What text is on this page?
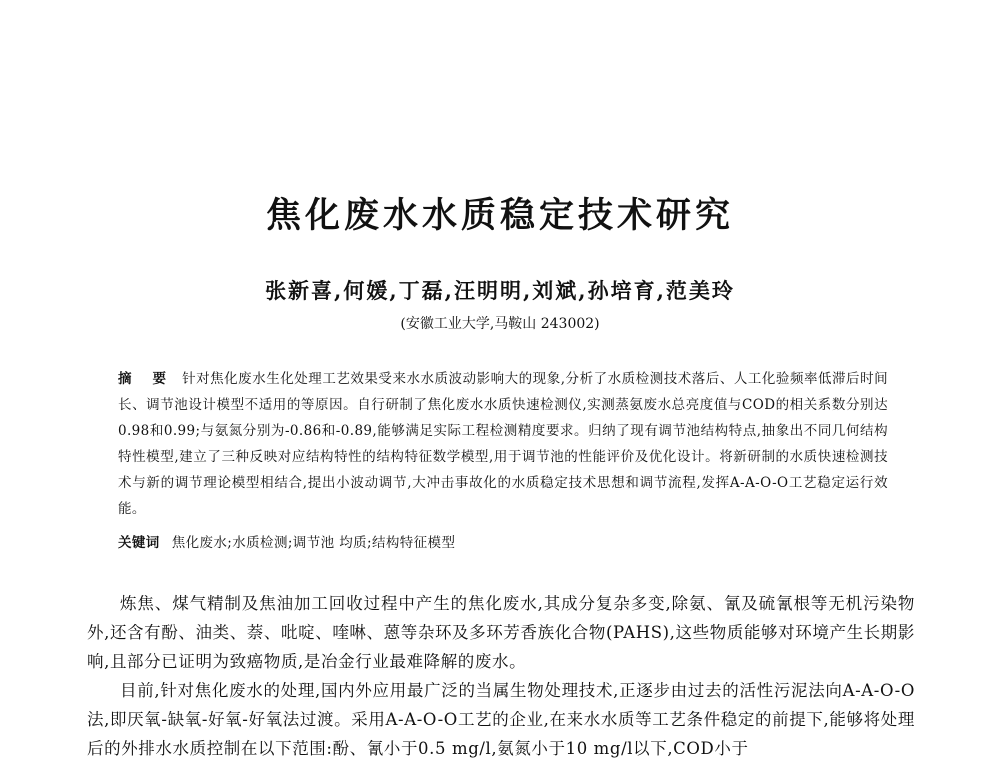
焦化废水水质稳定技术研究
张新喜,何媛,丁磊,汪明明,刘斌,孙培育,范美玲
(安徽工业大学,马鞍山 243002)
摘 要 针对焦化废水生化处理工艺效果受来水水质波动影响大的现象,分析了水质检测技术落后、人工化验频率低滞后时间长、调节池设计模型不适用的等原因。自行研制了焦化废水水质快速检测仪,实测蒸氨废水总亮度值与COD的相关系数分别达0.98和0.99;与氨氮分别为-0.86和-0.89,能够满足实际工程检测精度要求。归纳了现有调节池结构特点,抽象出不同几何结构特性模型,建立了三种反映对应结构特性的结构特征数学模型,用于调节池的性能评价及优化设计。将新研制的水质快速检测技术与新的调节理论模型相结合,提出小波动调节,大冲击事故化的水质稳定技术思想和调节流程,发挥A-A-O-O工艺稳定运行效能。
关键词 焦化废水;水质检测;调节池 均质;结构特征模型

炼焦、煤气精制及焦油加工回收过程中产生的焦化废水,其成分复杂多变,除氨、氰及硫氰根等无机污染物外,还含有酚、油类、萘、吡啶、喹啉、蒽等杂环及多环芳香族化合物(PAHS),这些物质能够对环境产生长期影响,且部分已证明为致癌物质,是冶金行业最难降解的废水。

目前,针对焦化废水的处理,国内外应用最广泛的当属生物处理技术,正逐步由过去的活性污泥法向A-A-O-O法,即厌氧-缺氧-好氧-好氧法过渡。采用A-A-O-O工艺的企业,在来水水质等工艺条件稳定的前提下,能够将处理后的外排水水质控制在以下范围:酚、氰小于0.5 mg/l,氨氮小于10 mg/l以下,COD小于
